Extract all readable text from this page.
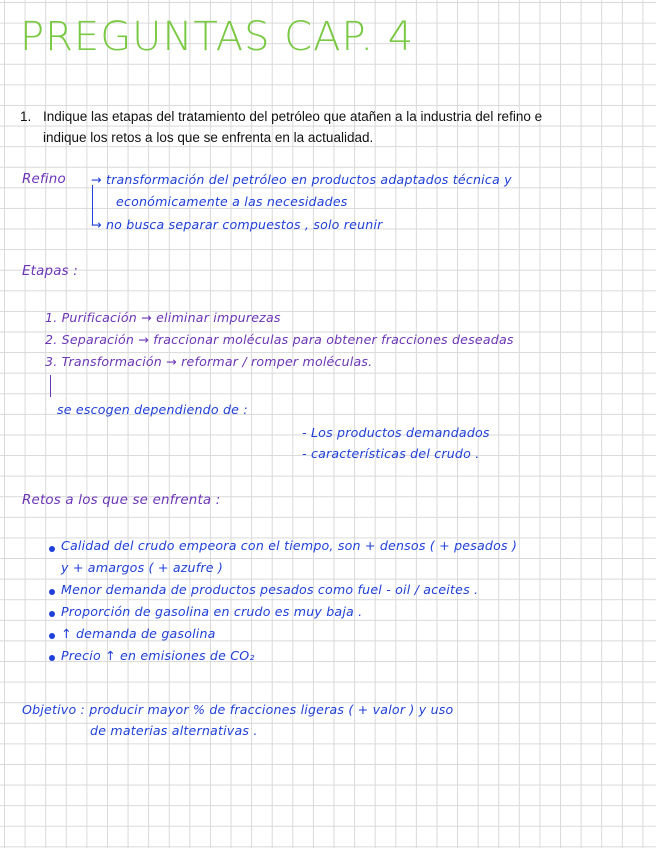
PREGUNTAS CAP. 4
1. Indique las etapas del tratamiento del petróleo que atañen a la industria del refino e
indique los retos a los que se enfrenta en la actualidad.
Refino → transformación del petróleo en productos adaptados técnica y
económicamente a las necesidades
→ no busca separar compuestos , solo reunir
Etapas :
1. Purificación → eliminar impurezas
2. Separación → fraccionar moléculas para obtener fracciones deseadas
3. Transformación → reformar / romper moléculas.
se escogen dependiendo de :
- Los productos demandados
- características del crudo .
Retos a los que se enfrenta :
Calidad del crudo empeora con el tiempo, son + densos ( + pesados )
y + amargos ( + azufre )
Menor demanda de productos pesados como fuel - oil / aceites .
Proporción de gasolina en crudo es muy baja .
↑ demanda de gasolina
Precio ↑ en emisiones de CO₂
Objetivo : producir mayor % de fracciones ligeras ( + valor ) y uso
de materias alternativas .
